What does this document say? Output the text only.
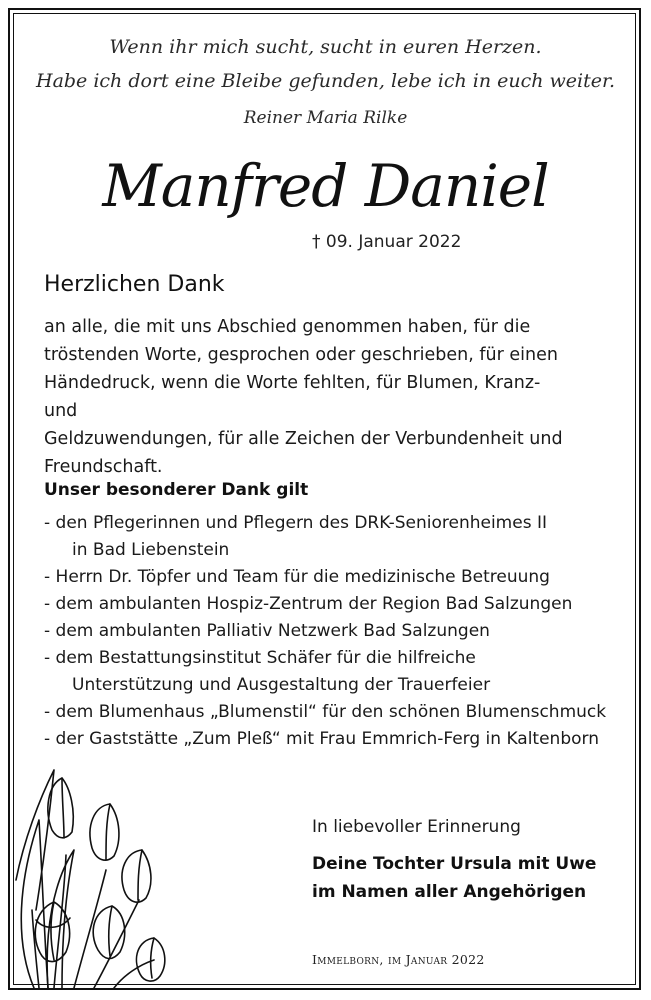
Wenn ihr mich sucht, sucht in euren Herzen.
Habe ich dort eine Bleibe gefunden, lebe ich in euch weiter.
Reiner Maria Rilke
Manfred Daniel
† 09. Januar 2022
Herzlichen Dank
an alle, die mit uns Abschied genommen haben, für die
tröstenden Worte, gesprochen oder geschrieben, für einen
Händedruck, wenn die Worte fehlten, für Blumen, Kranz- und
Geldzuwendungen, für alle Zeichen der Verbundenheit und
Freundschaft.
Unser besonderer Dank gilt
- den Pflegerinnen und Pflegern des DRK-Seniorenheimes II
in Bad Liebenstein
- Herrn Dr. Töpfer und Team für die medizinische Betreuung
- dem ambulanten Hospiz-Zentrum der Region Bad Salzungen
- dem ambulanten Palliativ Netzwerk Bad Salzungen
- dem Bestattungsinstitut Schäfer für die hilfreiche
Unterstützung und Ausgestaltung der Trauerfeier
- dem Blumenhaus „Blumenstil“ für den schönen Blumenschmuck
- der Gaststätte „Zum Pleß“ mit Frau Emmrich-Ferg in Kaltenborn
In liebevoller Erinnerung
Deine Tochter Ursula mit Uwe
im Namen aller Angehörigen
Immelborn, im Januar 2022
